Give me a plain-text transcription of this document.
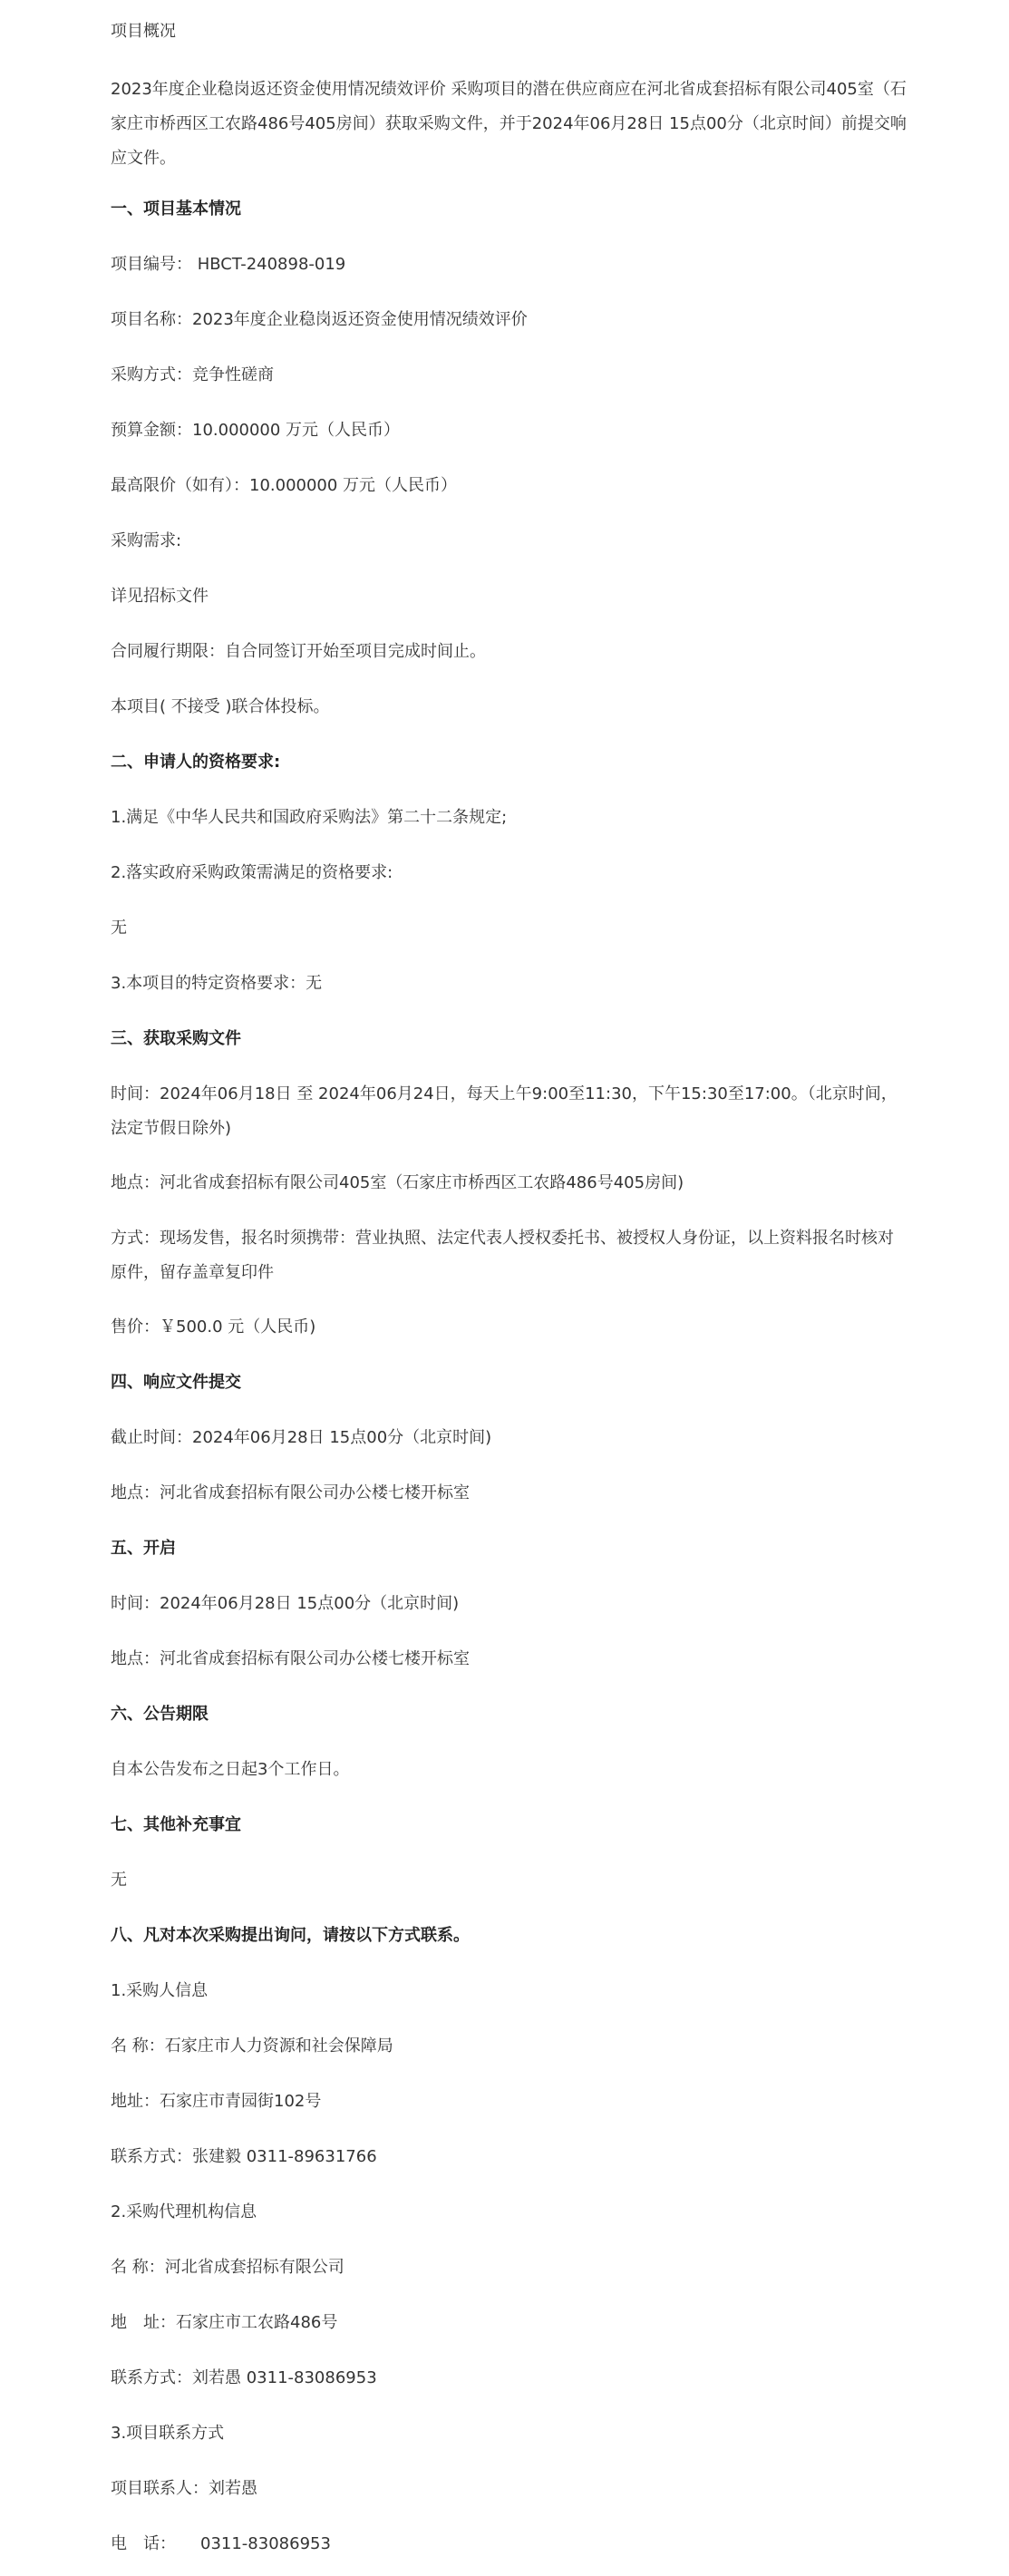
项目概况

2023年度企业稳岗返还资金使用情况绩效评价 采购项目的潜在供应商应在河北省成套招标有限公司405室（石家庄市桥西区工农路486号405房间）获取采购文件，并于2024年06月28日 15点00分（北京时间）前提交响应文件。

一、项目基本情况

项目编号： HBCT-240898-019

项目名称：2023年度企业稳岗返还资金使用情况绩效评价

采购方式：竞争性磋商

预算金额：10.000000 万元（人民币）

最高限价（如有）：10.000000 万元（人民币）

采购需求:

详见招标文件

合同履行期限：自合同签订开始至项目完成时间止。

本项目( 不接受 )联合体投标。

二、申请人的资格要求:

1.满足《中华人民共和国政府采购法》第二十二条规定;

2.落实政府采购政策需满足的资格要求:

无

3.本项目的特定资格要求：无

三、获取采购文件

时间：2024年06月18日 至 2024年06月24日，每天上午9:00至11:30，下午15:30至17:00。（北京时间，法定节假日除外)

地点：河北省成套招标有限公司405室（石家庄市桥西区工农路486号405房间)

方式：现场发售，报名时须携带：营业执照、法定代表人授权委托书、被授权人身份证，以上资料报名时核对原件，留存盖章复印件

售价：￥500.0 元（人民币)

四、响应文件提交

截止时间：2024年06月28日 15点00分（北京时间)

地点：河北省成套招标有限公司办公楼七楼开标室

五、开启

时间：2024年06月28日 15点00分（北京时间)

地点：河北省成套招标有限公司办公楼七楼开标室

六、公告期限

自本公告发布之日起3个工作日。

七、其他补充事宜

无

八、凡对本次采购提出询问，请按以下方式联系。

1.采购人信息

名 称：石家庄市人力资源和社会保障局

地址：石家庄市青园街102号

联系方式：张建毅 0311-89631766

2.采购代理机构信息

名 称：河北省成套招标有限公司

地　址：石家庄市工农路486号

联系方式：刘若愚 0311-83086953

3.项目联系方式

项目联系人：刘若愚

电　话：　　0311-83086953
